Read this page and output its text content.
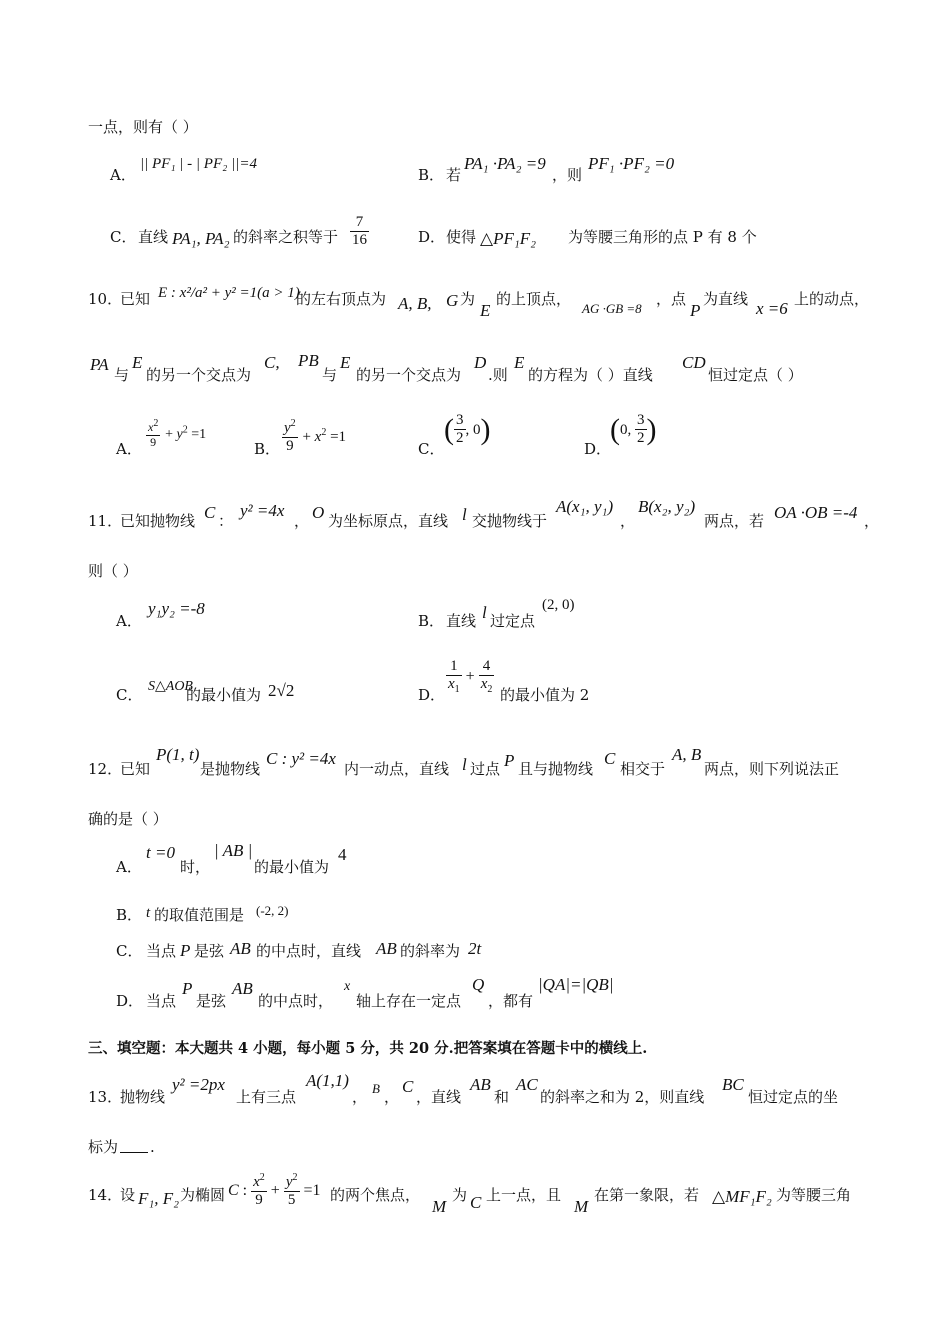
一点，则有（ ）
A．
|| PF₁ | - | PF₂ ||=4
B． 若
PA₁ ·PA₂ =9
，则
PF₁ ·PF₂ =0
C． 直线 PA₁, PA₂ 的斜率之积等于 $\frac{7}{16}$	D． 使得 △PF₁F₂ 为等腰三角形的点 P 有 8 个
10．
已知 E : x²/a² + y² =1(a > 1)
的左右顶点为 A, B, G 为
E
的上顶点，
AG ·GB =8
，点
P
为直线 x =6 上的动点，
PA
与
E
的另一个交点为
C, PB
与
E
的另一个交点为
D
.则
E
的方程为（ ）直线
CD
恒过定点（ ）
A． $\frac{x^2}{9} + y^2 =1$
B． $\frac{y^2}{9} + x^2 =1$
C．
( $\frac{3}{2}$ , 0)
D．
(0, $\frac{3}{2}$ )
11．
已知抛物线 C ：
y² =4x
， O 为坐标原点，直线 l 交抛物线于
A(x₁, y₁)
，
B(x₂, y₂)
两点，若 OA ·OB =-4 ，
则（ ）
A．
y₁y₂ =-8
B． 直线 l 过定点
(2, 0)
C． S△AOB
的最小值为 2√2	D． $\frac{1}{x_1} + \frac{4}{x_2}$ 的最小值为 2
12．
已知
P(1, t)
是抛物线
C : y² =4x
内一动点，直线 l 过点 P 且与抛物线
C
相交于
A, B
两点，则下列说法正
确的是（ ）
A．
t =0
时，
| AB |
的最小值为
4
B． t 的取值范围是 (-2, 2)
C． 当点 P 是弦 AB 的中点时，直线 AB 的斜率为 2t
D． 当点
P
是弦
AB
的中点时，
x
轴上存在一定点
Q
，都有
|QA|=|QB|
三、填空题：本大题共 4 小题，每小题 5 分，共 20 分.把答案填在答题卡中的横线上.
13．
抛物线
y² =2px
上有三点
A(1,1)
， B ，
C
，直线
AB
和
AC
的斜率之和为 2，则直线
BC
恒过定点的坐
标为 .
14．
设 F₁, F₂ 为椭圆 C : $\frac{x^2}{9} + \frac{y^2}{5} =1$ 的两个焦点，
M
为 C 上一点，且
M
在第一象限，若 △MF₁F₂ 为等腰三角
